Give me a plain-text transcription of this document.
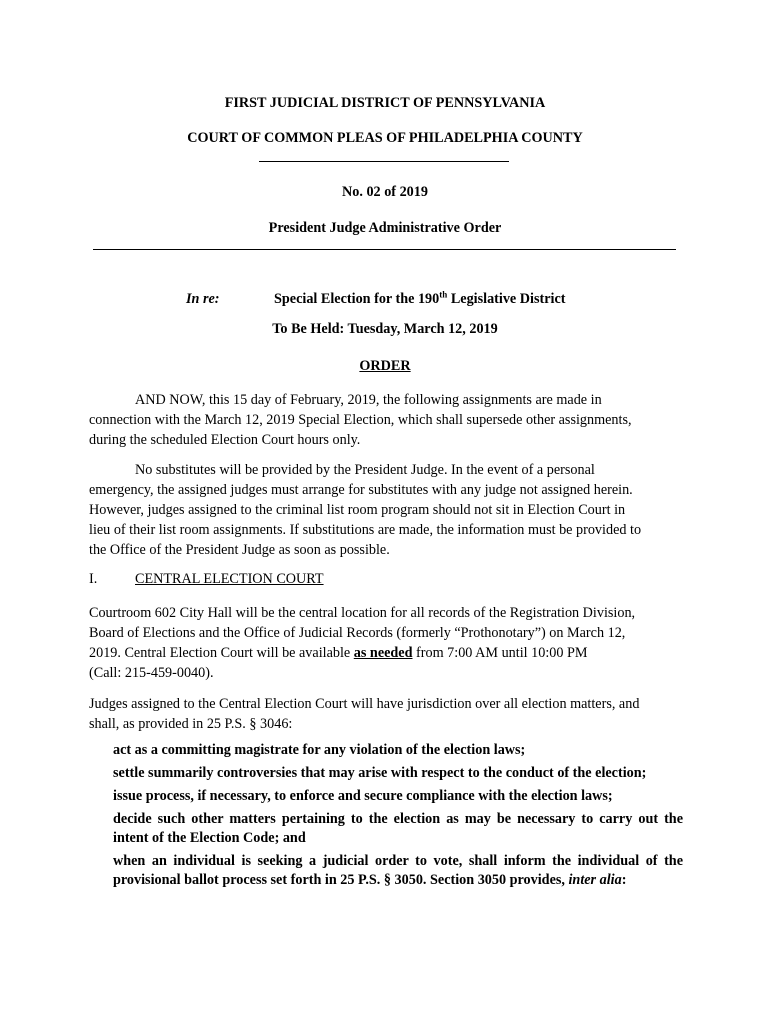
FIRST JUDICIAL DISTRICT OF PENNSYLVANIA
COURT OF COMMON PLEAS OF PHILADELPHIA COUNTY
No. 02 of 2019
President Judge Administrative Order
In re:	Special Election for the 190th Legislative District
To Be Held: Tuesday, March 12, 2019
ORDER
AND NOW, this 15 day of February, 2019, the following assignments are made in
connection with the March 12, 2019 Special Election, which shall supersede other assignments,
during the scheduled Election Court hours only.
No substitutes will be provided by the President Judge. In the event of a personal
emergency, the assigned judges must arrange for substitutes with any judge not assigned herein.
However, judges assigned to the criminal list room program should not sit in Election Court in
lieu of their list room assignments. If substitutions are made, the information must be provided to
the Office of the President Judge as soon as possible.
I.	CENTRAL ELECTION COURT
Courtroom 602 City Hall will be the central location for all records of the Registration Division,
Board of Elections and the Office of Judicial Records (formerly “Prothonotary”) on March 12,
2019. Central Election Court will be available as needed from 7:00 AM until 10:00 PM
(Call: 215-459-0040).
Judges assigned to the Central Election Court will have jurisdiction over all election matters, and
shall, as provided in 25 P.S. § 3046:
act as a committing magistrate for any violation of the election laws;
settle summarily controversies that may arise with respect to the conduct of the election;
issue process, if necessary, to enforce and secure compliance with the election laws;
decide such other matters pertaining to the election as may be necessary to carry out the intent of the Election Code; and
when an individual is seeking a judicial order to vote, shall inform the individual of the provisional ballot process set forth in 25 P.S. § 3050. Section 3050 provides, inter alia:
